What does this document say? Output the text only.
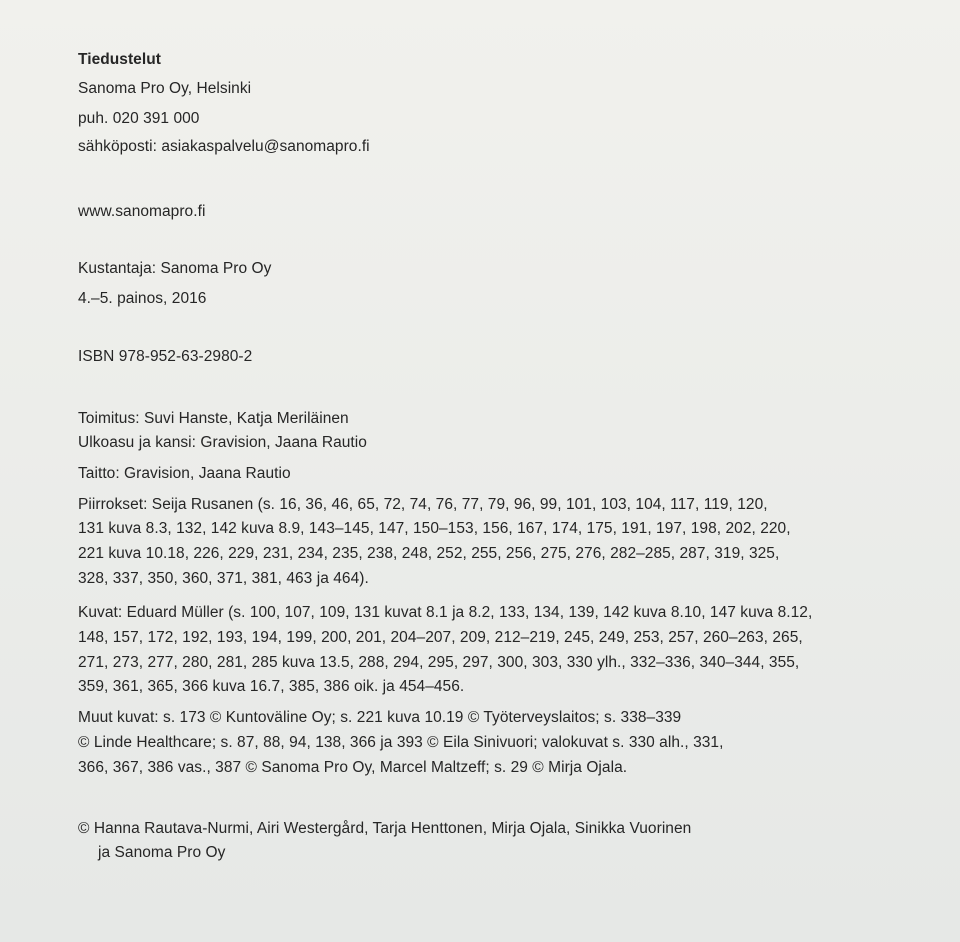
Tiedustelut
Sanoma Pro Oy, Helsinki
puh. 020 391 000
sähköposti: asiakaspalvelu@sanomapro.fi
www.sanomapro.fi
Kustantaja: Sanoma Pro Oy
4.–5. painos, 2016
ISBN 978-952-63-2980-2
Toimitus: Suvi Hanste, Katja Meriläinen
Ulkoasu ja kansi: Gravision, Jaana Rautio
Taitto: Gravision, Jaana Rautio
Piirrokset: Seija Rusanen (s. 16, 36, 46, 65, 72, 74, 76, 77, 79, 96, 99, 101, 103, 104, 117, 119, 120,
131 kuva 8.3, 132, 142 kuva 8.9, 143–145, 147, 150–153, 156, 167, 174, 175, 191, 197, 198, 202, 220,
221 kuva 10.18, 226, 229, 231, 234, 235, 238, 248, 252, 255, 256, 275, 276, 282–285, 287, 319, 325,
328, 337, 350, 360, 371, 381, 463 ja 464).
Kuvat: Eduard Müller (s. 100, 107, 109, 131 kuvat 8.1 ja 8.2, 133, 134, 139, 142 kuva 8.10, 147 kuva 8.12,
148, 157, 172, 192, 193, 194, 199, 200, 201, 204–207, 209, 212–219, 245, 249, 253, 257, 260–263, 265,
271, 273, 277, 280, 281, 285 kuva 13.5, 288, 294, 295, 297, 300, 303, 330 ylh., 332–336, 340–344, 355,
359, 361, 365, 366 kuva 16.7, 385, 386 oik. ja 454–456.
Muut kuvat: s. 173 © Kuntoväline Oy; s. 221 kuva 10.19 © Työterveyslaitos; s. 338–339
© Linde Healthcare; s. 87, 88, 94, 138, 366 ja 393 © Eila Sinivuori; valokuvat s. 330 alh., 331,
366, 367, 386 vas., 387 © Sanoma Pro Oy, Marcel Maltzeff; s. 29 © Mirja Ojala.
© Hanna Rautava-Nurmi, Airi Westergård, Tarja Henttonen, Mirja Ojala, Sinikka Vuorinen
ja Sanoma Pro Oy
